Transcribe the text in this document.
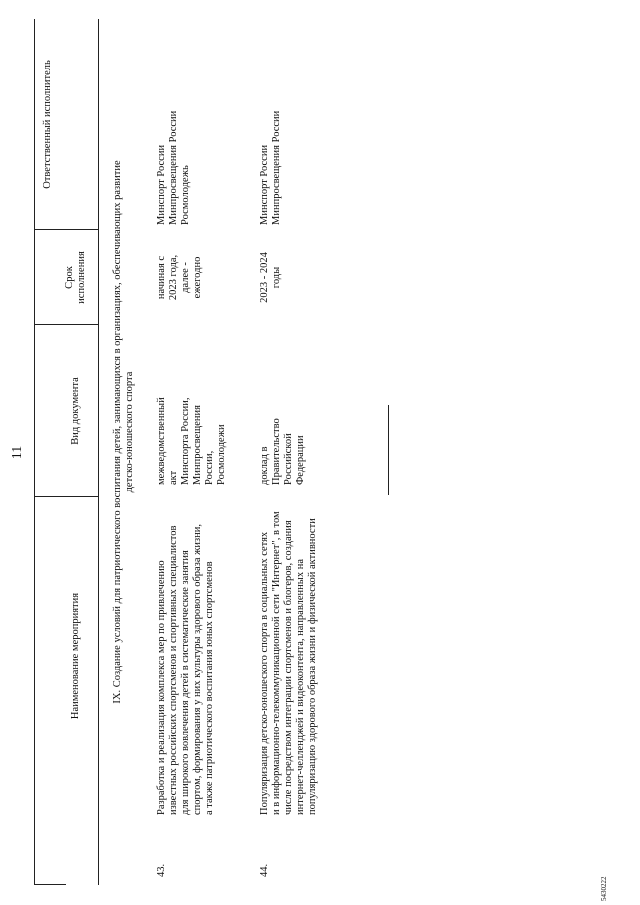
11
Наименование мероприятия
Вид документа
Срок
исполнения
Ответственный исполнитель
IX. Создание условий для патриотического воспитания детей, занимающихся в организациях, обеспечивающих развитие
детско-юношеского спорта
43.
Разработка и реализация комплекса мер по привлечению
известных российских спортсменов и спортивных специалистов
для широкого вовлечения детей в систематические занятия
спортом, формирования у них культуры здорового образа жизни,
а также патриотического воспитания юных спортсменов
межведомственный
акт
Минспорта России,
Минпросвещения
России,
Росмолодежи
начиная с
2023 года,
далее -
ежегодно
Минспорт России
Минпросвещения России
Росмолодежь
44.
Популяризация детско-юношеского спорта в социальных сетях
и в информационно-телекоммуникационной сети "Интернет", в том
числе посредством интеграции спортсменов и блогеров, создания
интернет-челленджей и видеоконтента, направленных на
популяризацию здорового образа жизни и физической активности
доклад в
Правительство
Российской
Федерации
2023 - 2024
годы
Минспорт России
Минпросвещения России
5430222
